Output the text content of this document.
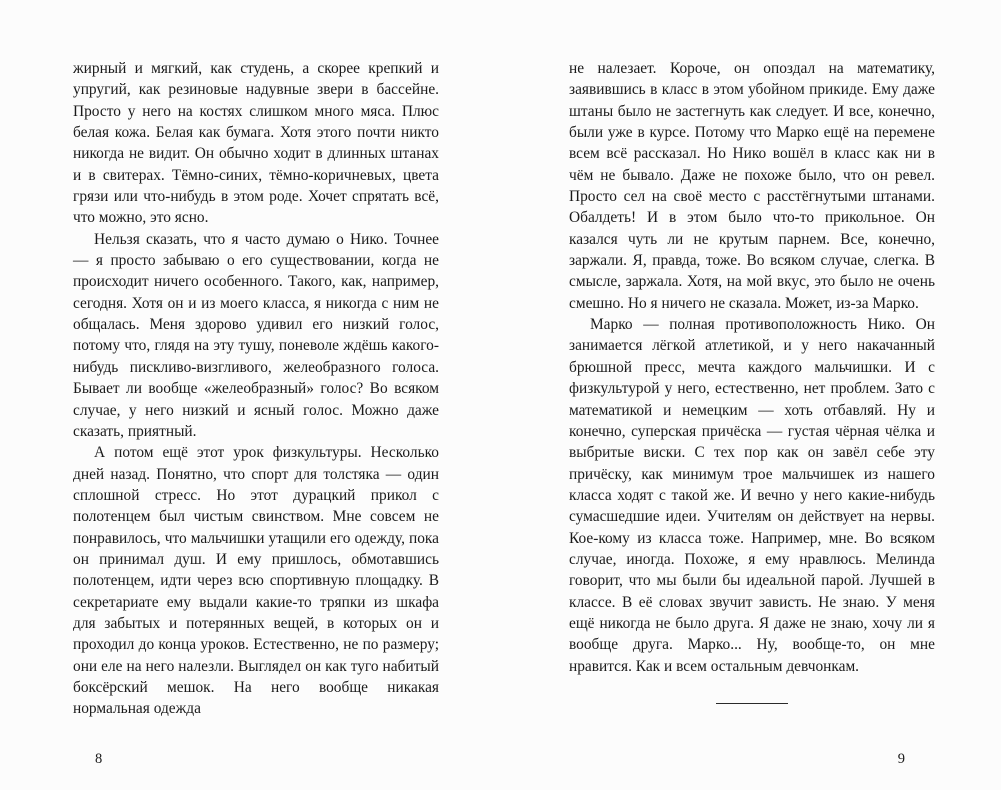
жирный и мягкий, как студень, а скорее крепкий и упругий, как резиновые надувные звери в бассейне. Просто у него на костях слишком много мяса. Плюс белая кожа. Белая как бумага. Хотя этого почти никто никогда не видит. Он обычно ходит в длинных штанах и в свитерах. Тёмно-синих, тёмно-коричневых, цвета грязи или что-нибудь в этом роде. Хочет спрятать всё, что можно, это ясно.

Нельзя сказать, что я часто думаю о Нико. Точнее — я просто забываю о его существовании, когда не происходит ничего особенного. Такого, как, например, сегодня. Хотя он и из моего класса, я никогда с ним не общалась. Меня здорово удивил его низкий голос, потому что, глядя на эту тушу, поневоле ждёшь какого-нибудь пискливо-визгливого, желеобразного голоса. Бывает ли вообще «желеобразный» голос? Во всяком случае, у него низкий и ясный голос. Можно даже сказать, приятный.

А потом ещё этот урок физкультуры. Несколько дней назад. Понятно, что спорт для толстяка — один сплошной стресс. Но этот дурацкий прикол с полотенцем был чистым свинством. Мне совсем не понравилось, что мальчишки утащили его одежду, пока он принимал душ. И ему пришлось, обмотавшись полотенцем, идти через всю спортивную площадку. В секретариате ему выдали какие-то тряпки из шкафа для забытых и потерянных вещей, в которых он и проходил до конца уроков. Естественно, не по размеру; они еле на него налезли. Выглядел он как туго набитый боксёрский мешок. На него вообще никакая нормальная одежда

8

не налезает. Короче, он опоздал на математику, заявившись в класс в этом убойном прикиде. Ему даже штаны было не застегнуть как следует. И все, конечно, были уже в курсе. Потому что Марко ещё на перемене всем всё рассказал. Но Нико вошёл в класс как ни в чём не бывало. Даже не похоже было, что он ревел. Просто сел на своё место с расстёгнутыми штанами. Обалдеть! И в этом было что-то прикольное. Он казался чуть ли не крутым парнем. Все, конечно, заржали. Я, правда, тоже. Во всяком случае, слегка. В смысле, заржала. Хотя, на мой вкус, это было не очень смешно. Но я ничего не сказала. Может, из-за Марко.

Марко — полная противоположность Нико. Он занимается лёгкой атлетикой, и у него накачанный брюшной пресс, мечта каждого мальчишки. И с физкультурой у него, естественно, нет проблем. Зато с математикой и немецким — хоть отбавляй. Ну и конечно, суперская причёска — густая чёрная чёлка и выбритые виски. С тех пор как он завёл себе эту причёску, как минимум трое мальчишек из нашего класса ходят с такой же. И вечно у него какие-нибудь сумасшедшие идеи. Учителям он действует на нервы. Кое-кому из класса тоже. Например, мне. Во всяком случае, иногда. Похоже, я ему нравлюсь. Мелинда говорит, что мы были бы идеальной парой. Лучшей в классе. В её словах звучит зависть. Не знаю. У меня ещё никогда не было друга. Я даже не знаю, хочу ли я вообще друга. Марко... Ну, вообще-то, он мне нравится. Как и всем остальным девчонкам.

9
